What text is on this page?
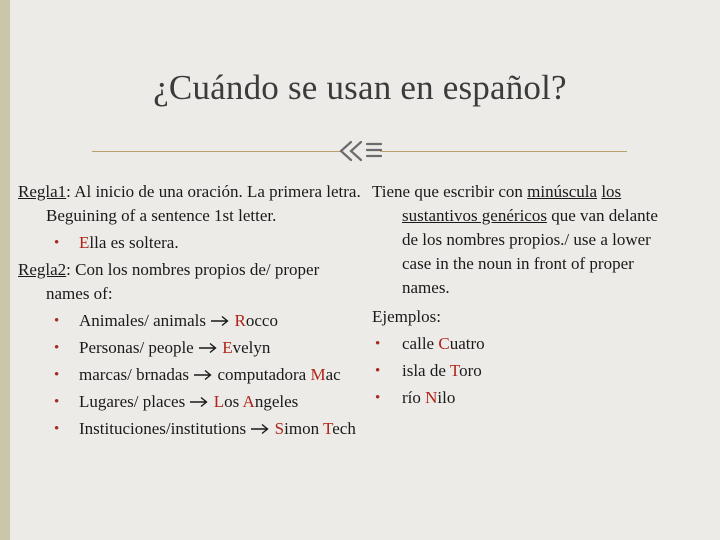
¿Cuándo se usan en español?

Regla1: Al inicio de una oración. La primera letra. Beguining of a sentence 1st letter.

• Ella es soltera.

Regla2: Con los nombres propios de/ proper names of:

• Animales/ animals Rocco
• Personas/ people Evelyn
• marcas/ brnadas computadora Mac
• Lugares/ places Los Angeles
• Instituciones/institutions Simon Tech

Tiene que escribir con minúscula los sustantivos genéricos que van delante de los nombres propios./ use a lower case in the noun in front of proper names.

Ejemplos:

• calle Cuatro
• isla de Toro
• río Nilo
